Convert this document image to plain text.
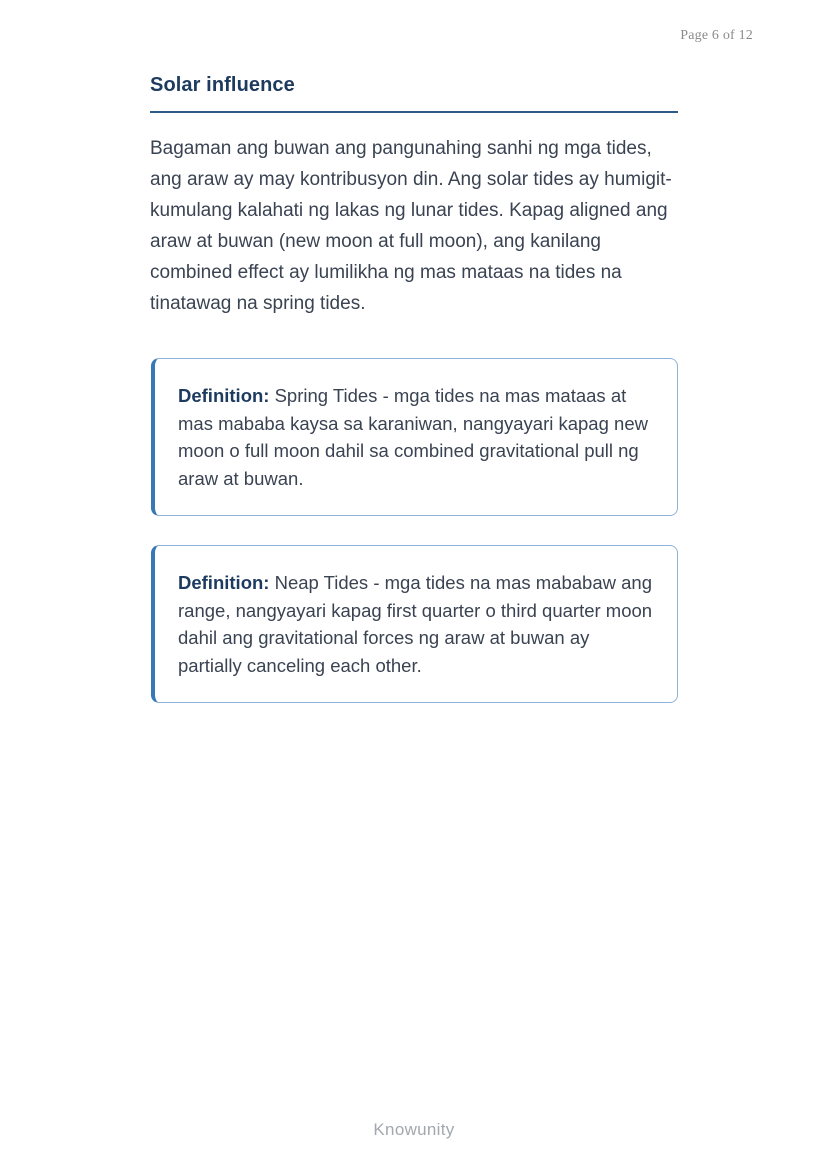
Page 6 of 12
Solar influence

Bagaman ang buwan ang pangunahing sanhi ng mga tides, ang araw ay may kontribusyon din. Ang solar tides ay humigit-kumulang kalahati ng lakas ng lunar tides. Kapag aligned ang araw at buwan (new moon at full moon), ang kanilang combined effect ay lumilikha ng mas mataas na tides na tinatawag na spring tides.

Definition: Spring Tides - mga tides na mas mataas at mas mababa kaysa sa karaniwan, nangyayari kapag new moon o full moon dahil sa combined gravitational pull ng araw at buwan.

Definition: Neap Tides - mga tides na mas mababaw ang range, nangyayari kapag first quarter o third quarter moon dahil ang gravitational forces ng araw at buwan ay partially canceling each other.

Knowunity
